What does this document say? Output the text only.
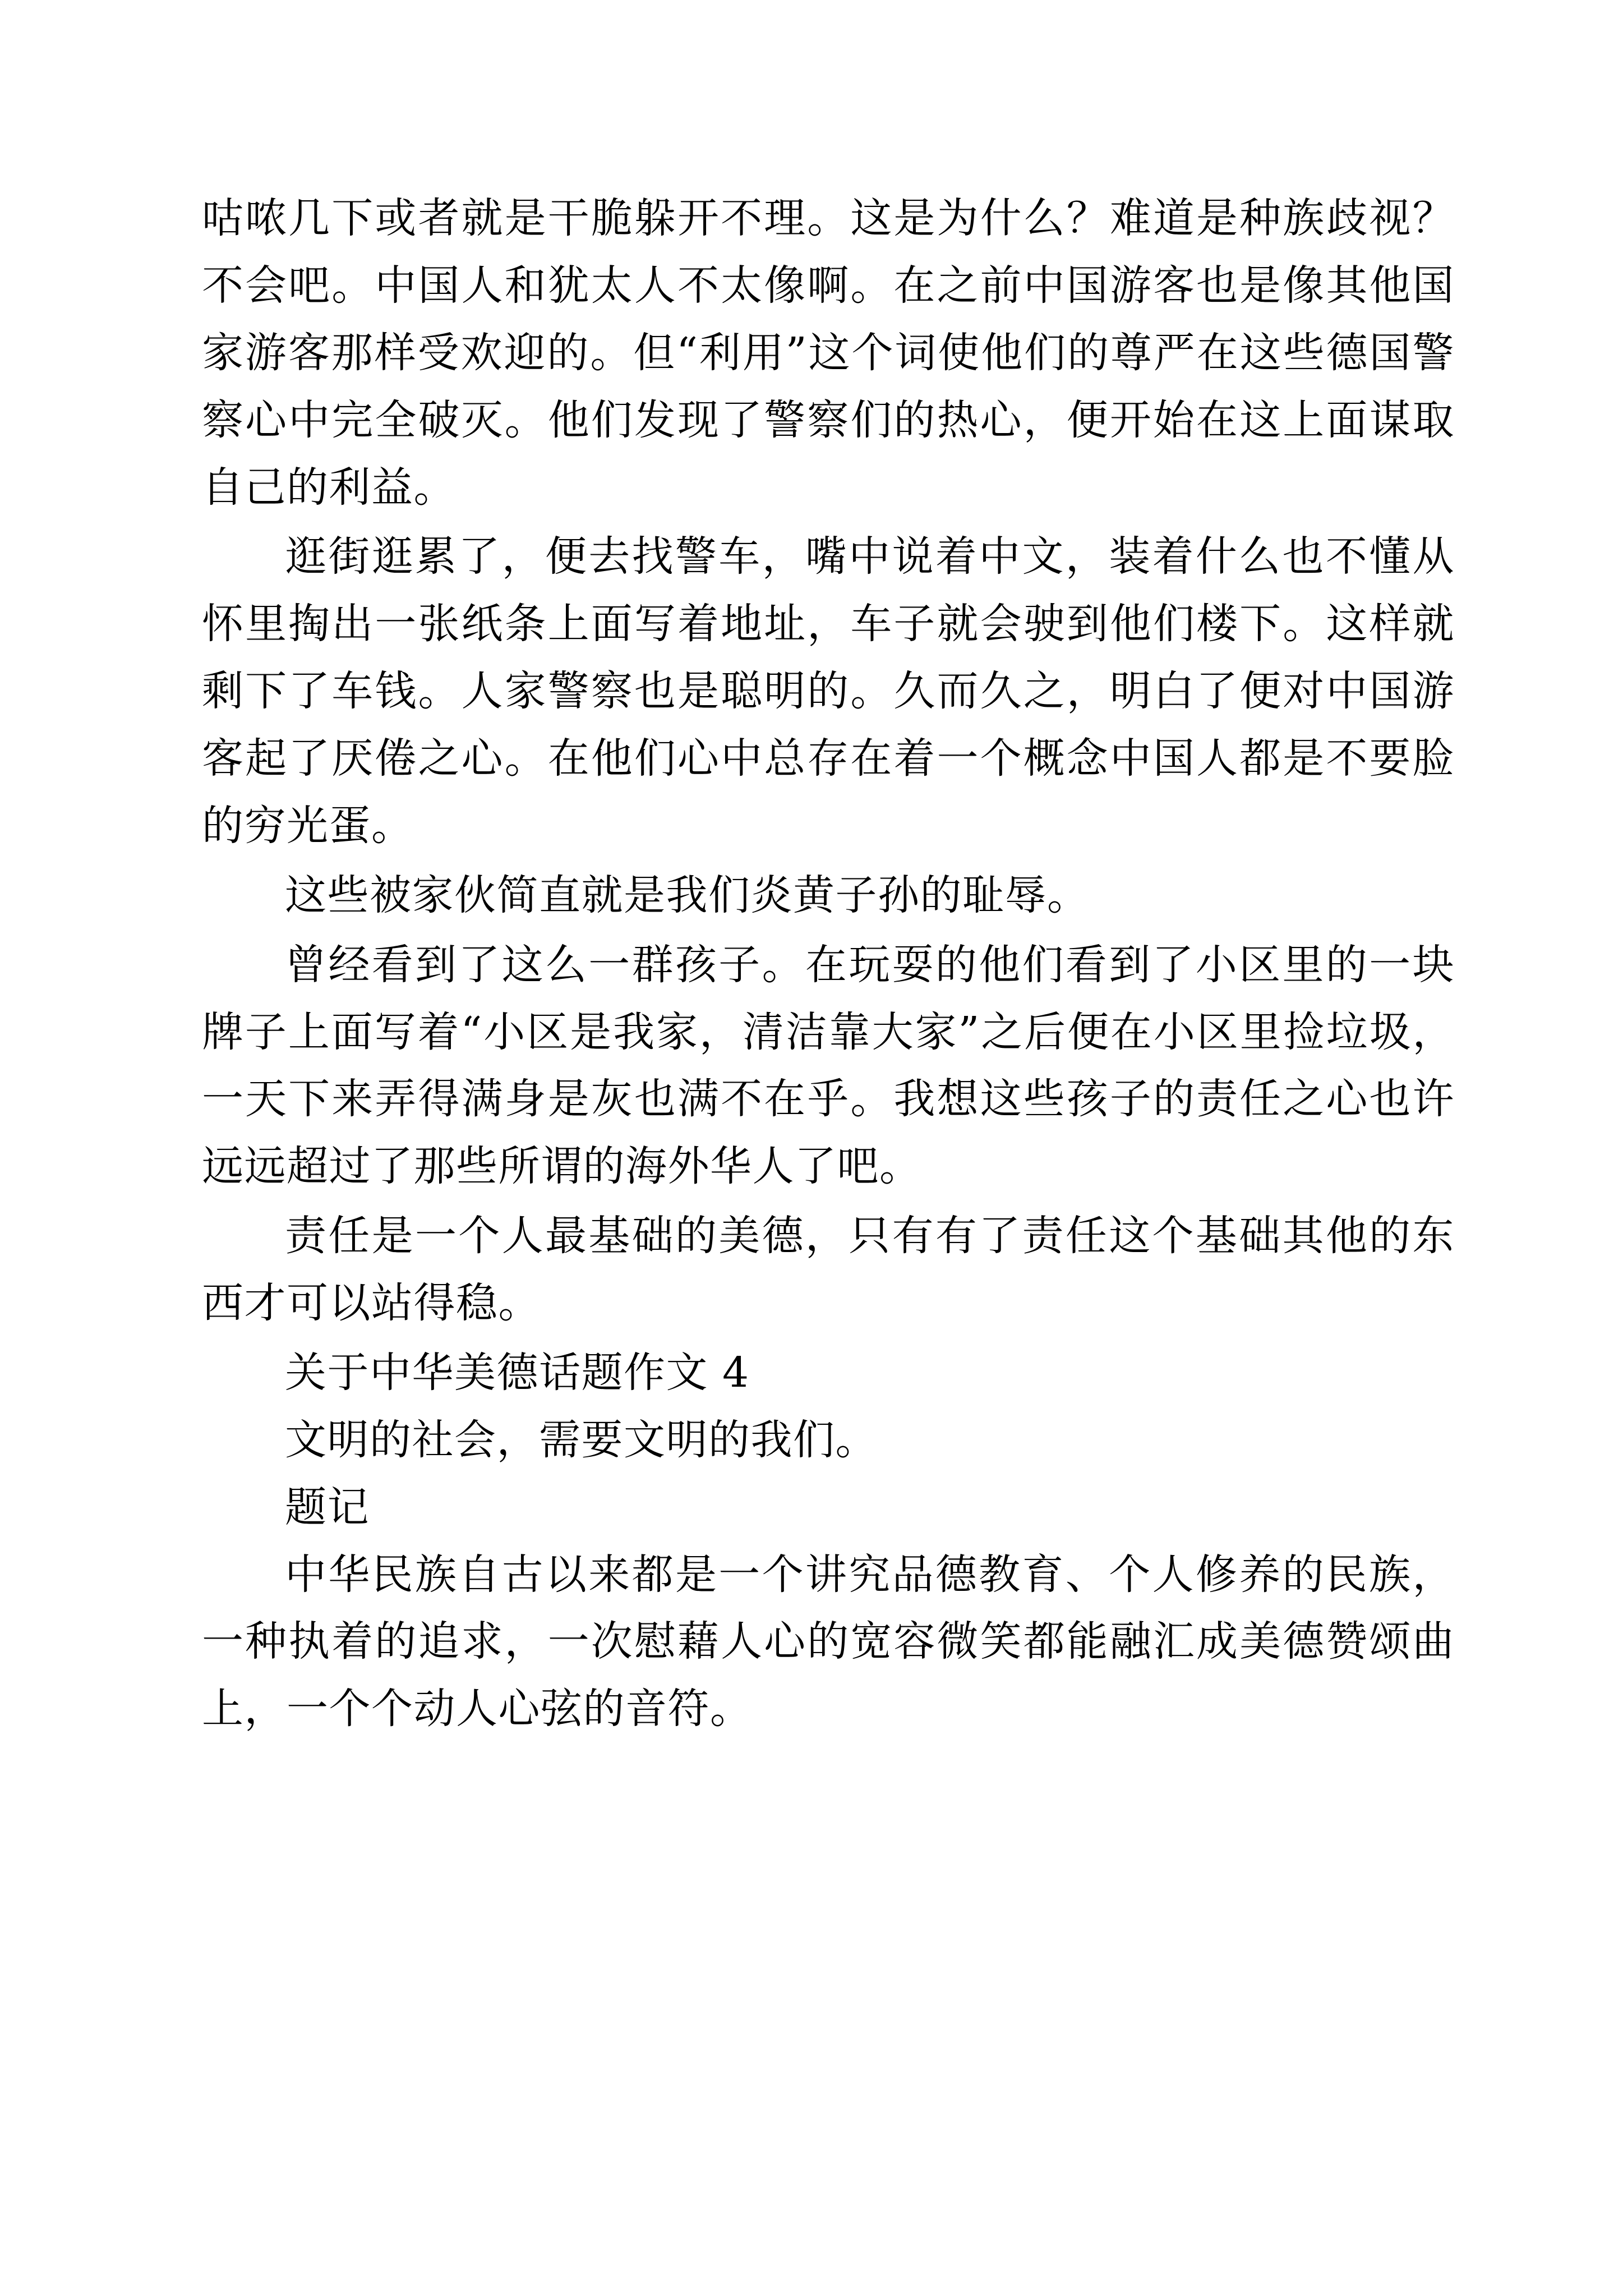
咕哝几下或者就是干脆躲开不理。这是为什么？难道是种族歧视？不会吧。中国人和犹太人不太像啊。在之前中国游客也是像其他国家游客那样受欢迎的。但“利用”这个词使他们的尊严在这些德国警察心中完全破灭。他们发现了警察们的热心，便开始在这上面谋取自己的利益。

逛街逛累了，便去找警车，嘴中说着中文，装着什么也不懂从怀里掏出一张纸条上面写着地址，车子就会驶到他们楼下。这样就剩下了车钱。人家警察也是聪明的。久而久之，明白了便对中国游客起了厌倦之心。在他们心中总存在着一个概念中国人都是不要脸的穷光蛋。

这些被家伙简直就是我们炎黄子孙的耻辱。

曾经看到了这么一群孩子。在玩耍的他们看到了小区里的一块牌子上面写着“小区是我家，清洁靠大家”之后便在小区里捡垃圾，一天下来弄得满身是灰也满不在乎。我想这些孩子的责任之心也许远远超过了那些所谓的海外华人了吧。

责任是一个人最基础的美德，只有有了责任这个基础其他的东西才可以站得稳。

关于中华美德话题作文 4

文明的社会，需要文明的我们。

题记

中华民族自古以来都是一个讲究品德教育、个人修养的民族，一种执着的追求，一次慰藉人心的宽容微笑都能融汇成美德赞颂曲上，一个个动人心弦的音符。
